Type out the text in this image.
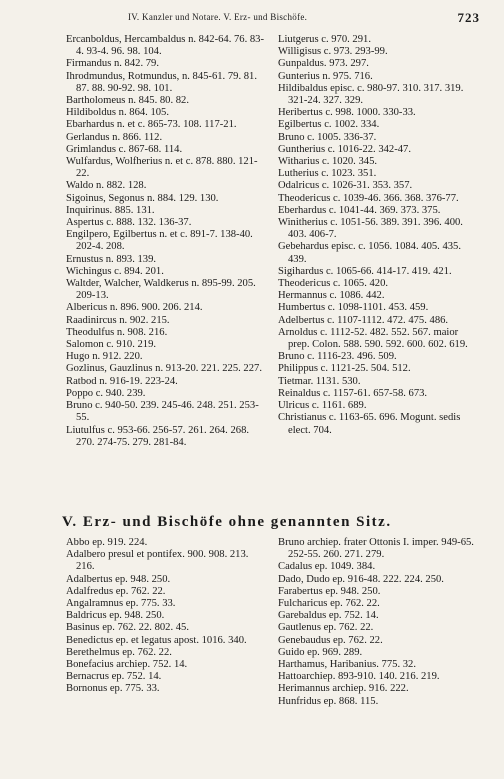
IV. Kanzler und Notare. V. Erz- und Bischöfe.	723

Ercanboldus, Hercambaldus n. 842-64. 76. 83-4. 93-4. 96. 98. 104.

Firmandus n. 842. 79.

Ihrodmundus, Rotmundus, n. 845-61. 79. 81. 87. 88. 90-92. 98. 101.

Bartholomeus n. 845. 80. 82.

Hildiboldus n. 864. 105.

Ebarhardus n. et c. 865-73. 108. 117-21.

Gerlandus n. 866. 112.

Grimlandus c. 867-68. 114.

Wulfardus, Wolfherius n. et c. 878. 880. 121-22.

Waldo n. 882. 128.

Sigoinus, Segonus n. 884. 129. 130.

Inquirinus. 885. 131.

Aspertus c. 888. 132. 136-37.

Engilpero, Egilbertus n. et c. 891-7. 138-40. 202-4. 208.

Ernustus n. 893. 139.

Wichingus c. 894. 201.

Waltder, Walcher, Waldkerus n. 895-99. 205. 209-13.

Albericus n. 896. 900. 206. 214.

Raadinircus n. 902. 215.

Theodulfus n. 908. 216.

Salomon c. 910. 219.

Hugo n. 912. 220.

Gozlinus, Gauzlinus n. 913-20. 221. 225. 227.

Ratbod n. 916-19. 223-24.

Poppo c. 940. 239.

Bruno c. 940-50. 239. 245-46. 248. 251. 253-55.

Liutulfus c. 953-66. 256-57. 261. 264. 268. 270. 274-75. 279. 281-84.

Liutgerus c. 970. 291.

Willigisus c. 973. 293-99.

Gunpaldus. 973. 297.

Gunterius n. 975. 716.

Hildibaldus episc. c. 980-97. 310. 317. 319. 321-24. 327. 329.

Heribertus c. 998. 1000. 330-33.

Egilbertus c. 1002. 334.

Bruno c. 1005. 336-37.

Guntherius c. 1016-22. 342-47.

Witharius c. 1020. 345.

Lutherius c. 1023. 351.

Odalricus c. 1026-31. 353. 357.

Theodericus c. 1039-46. 366. 368. 376-77.

Eberhardus c. 1041-44. 369. 373. 375.

Winitherius c. 1051-56. 389. 391. 396. 400. 403. 406-7.

Gebehardus episc. c. 1056. 1084. 405. 435. 439.

Sigihardus c. 1065-66. 414-17. 419. 421.

Theodericus c. 1065. 420.

Hermannus c. 1086. 442.

Humbertus c. 1098-1101. 453. 459.

Adelbertus c. 1107-1112. 472. 475. 486.

Arnoldus c. 1112-52. 482. 552. 567. maior prep. Colon. 588. 590. 592. 600. 602. 619.

Bruno c. 1116-23. 496. 509.

Philippus c. 1121-25. 504. 512.

Tietmar. 1131. 530.

Reinaldus c. 1157-61. 657-58. 673.

Ulricus c. 1161. 689.

Christianus c. 1163-65. 696. Mogunt. sedis elect. 704.

V. Erz- und Bischöfe ohne genannten Sitz.

Abbo ep. 919. 224.

Adalbero presul et pontifex. 900. 908. 213. 216.

Adalbertus ep. 948. 250.

Adalfredus ep. 762. 22.

Angalramnus ep. 775. 33.

Baldricus ep. 948. 250.

Basinus ep. 762. 22. 802. 45.

Benedictus ep. et legatus apost. 1016. 340.

Berethelmus ep. 762. 22.

Bonefacius archiep. 752. 14.

Bernacrus ep. 752. 14.

Bornonus ep. 775. 33.

Bruno archiep. frater Ottonis I. imper. 949-65. 252-55. 260. 271. 279.

Cadalus ep. 1049. 384.

Dado, Dudo ep. 916-48. 222. 224. 250.

Farabertus ep. 948. 250.

Fulcharicus ep. 762. 22.

Garebaldus ep. 752. 14.

Gautlenus ep. 762. 22.

Genebaudus ep. 762. 22.

Guido ep. 969. 289.

Harthamus, Haribanius. 775. 32.

Hattoarchiep. 893-910. 140. 216. 219.

Herimannus archiep. 916. 222.

Hunfridus ep. 868. 115.
